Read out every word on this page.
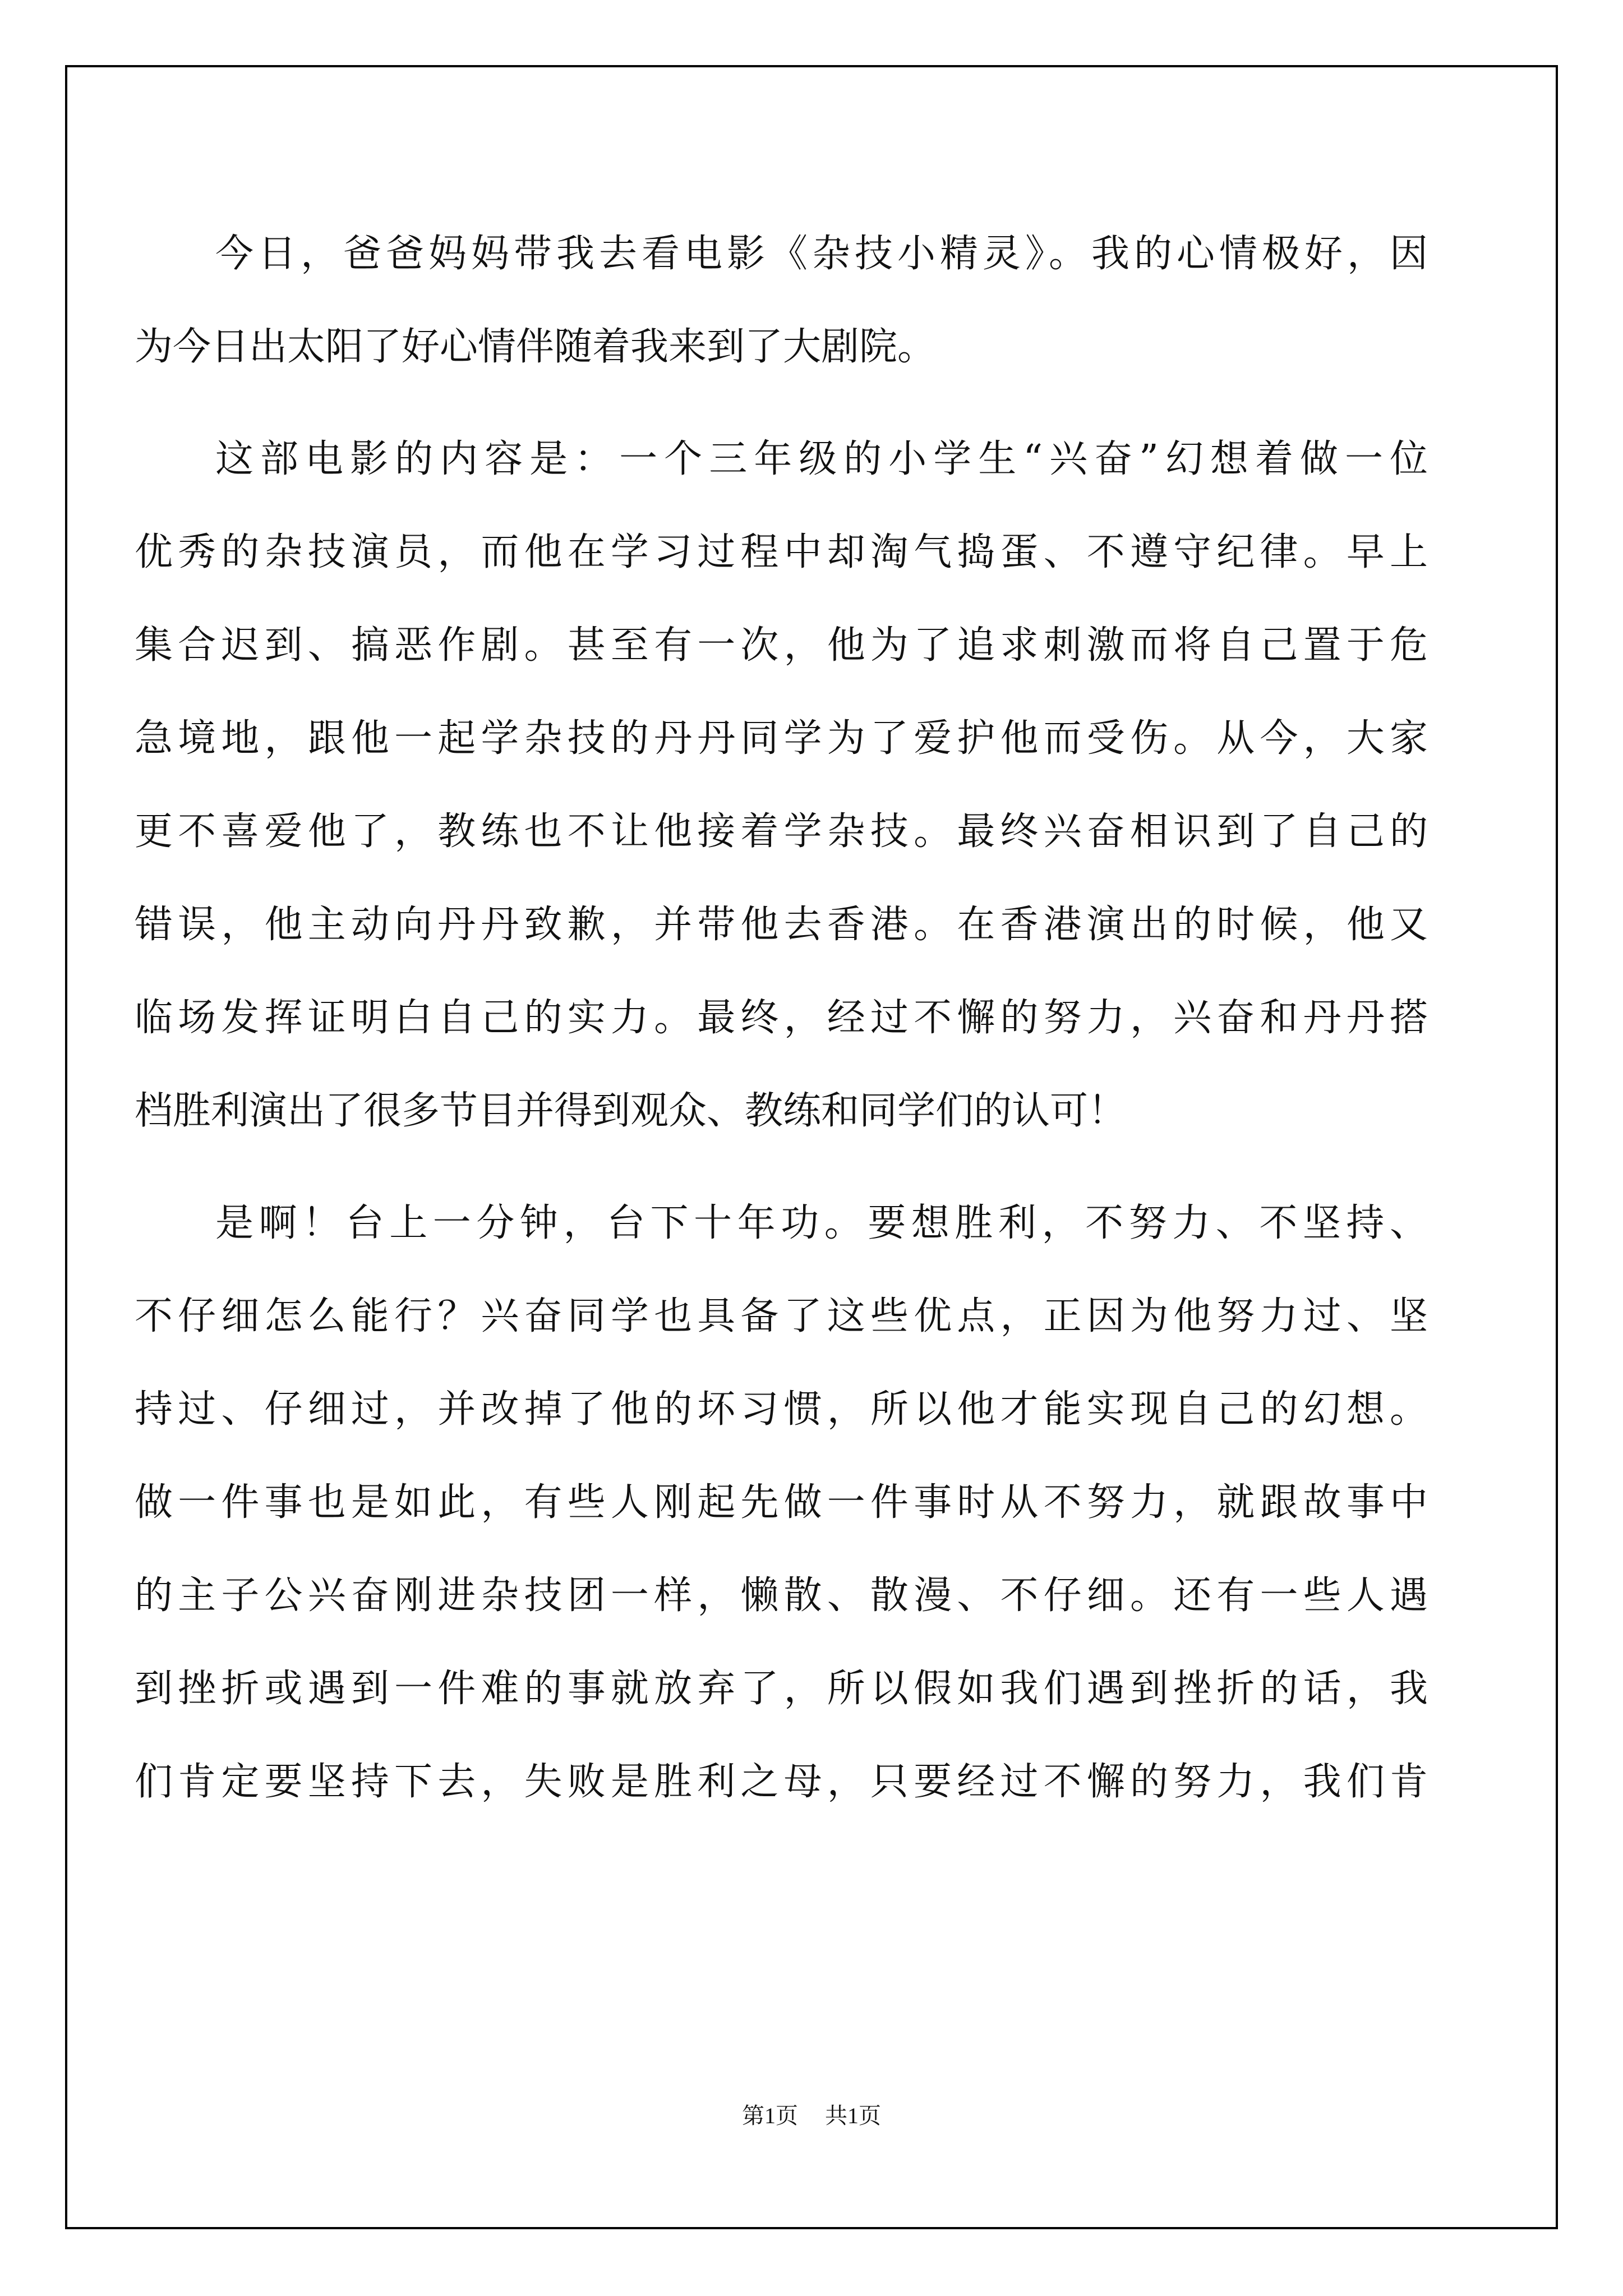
今日，爸爸妈妈带我去看电影《杂技小精灵》。我的心情极好，因
为今日出太阳了好心情伴随着我来到了大剧院。
这部电影的内容是：一个三年级的小学生“兴奋”幻想着做一位
优秀的杂技演员，而他在学习过程中却淘气捣蛋、不遵守纪律。早上
集合迟到、搞恶作剧。甚至有一次，他为了追求刺激而将自己置于危
急境地，跟他一起学杂技的丹丹同学为了爱护他而受伤。从今，大家
更不喜爱他了，教练也不让他接着学杂技。最终兴奋相识到了自己的
错误，他主动向丹丹致歉，并带他去香港。在香港演出的时候，他又
临场发挥证明白自己的实力。最终，经过不懈的努力，兴奋和丹丹搭
档胜利演出了很多节目并得到观众、教练和同学们的认可！
是啊！台上一分钟，台下十年功。要想胜利，不努力、不坚持、
不仔细怎么能行？兴奋同学也具备了这些优点，正因为他努力过、坚
持过、仔细过，并改掉了他的坏习惯，所以他才能实现自己的幻想。
做一件事也是如此，有些人刚起先做一件事时从不努力，就跟故事中
的主子公兴奋刚进杂技团一样，懒散、散漫、不仔细。还有一些人遇
到挫折或遇到一件难的事就放弃了，所以假如我们遇到挫折的话，我
们肯定要坚持下去，失败是胜利之母，只要经过不懈的努力，我们肯
第1页 共1页
